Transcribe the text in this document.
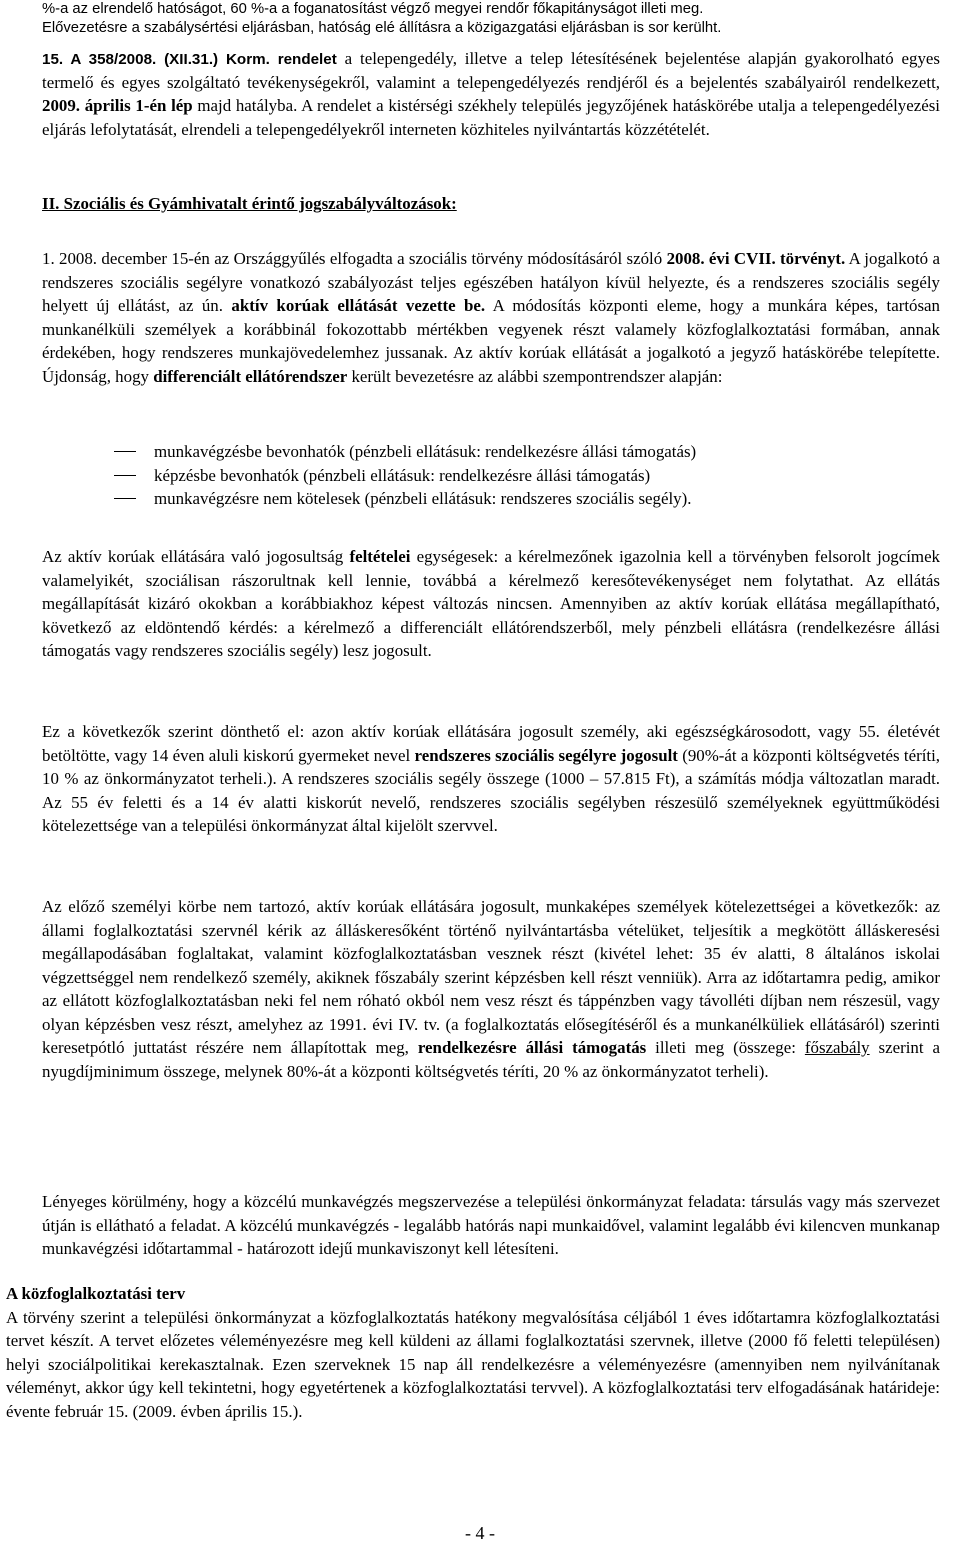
%-a az elrendelő hatóságot, 60 %-a a foganatosítást végző megyei rendőr főkapitányságot illeti meg.

Elővezetésre a szabálysértési eljárásban, hatóság elé állításra a közigazgatási eljárásban is sor kerülht.

15. A 358/2008. (XII.31.) Korm. rendelet a telepengedély, illetve a telep létesítésének bejelentése alapján gyakorolható egyes termelő és egyes szolgáltató tevékenységekről, valamint a telepengedélyezés rendjéről és a bejelentés szabályairól rendelkezett, 2009. április 1-én lép majd hatályba. A rendelet a kistérségi székhely település jegyzőjének hatáskörébe utalja a telepengedélyezési eljárás lefolytatását, elrendeli a telepengedélyekről interneten közhiteles nyilvántartás közzétételét.

II. Szociális és Gyámhivatalt érintő jogszabályváltozások:

1. 2008. december 15-én az Országgyűlés elfogadta a szociális törvény módosításáról szóló 2008. évi CVII. törvényt. A jogalkotó a rendszeres szociális segélyre vonatkozó szabályozást teljes egészében hatályon kívül helyezte, és a rendszeres szociális segély helyett új ellátást, az ún. aktív korúak ellátását vezette be. A módosítás központi eleme, hogy a munkára képes, tartósan munkanélküli személyek a korábbinál fokozottabb mértékben vegyenek részt valamely közfoglalkoztatási formában, annak érdekében, hogy rendszeres munkajövedelemhez jussanak. Az aktív korúak ellátását a jogalkotó a jegyző hatáskörébe telepítette. Újdonság, hogy differenciált ellátórendszer került bevezetésre az alábbi szempontrendszer alapján:

munkavégzésbe bevonhatók (pénzbeli ellátásuk: rendelkezésre állási támogatás)
képzésbe bevonhatók (pénzbeli ellátásuk: rendelkezésre állási támogatás)
munkavégzésre nem kötelesek (pénzbeli ellátásuk: rendszeres szociális segély).

Az aktív korúak ellátására való jogosultság feltételei egységesek: a kérelmezőnek igazolnia kell a törvényben felsorolt jogcímek valamelyikét, szociálisan rászorultnak kell lennie, továbbá a kérelmező keresőtevékenységet nem folytathat. Az ellátás megállapítását kizáró okokban a korábbiakhoz képest változás nincsen. Amennyiben az aktív korúak ellátása megállapítható, következő az eldöntendő kérdés: a kérelmező a differenciált ellátórendszerből, mely pénzbeli ellátásra (rendelkezésre állási támogatás vagy rendszeres szociális segély) lesz jogosult.

Ez a következők szerint dönthető el: azon aktív korúak ellátására jogosult személy, aki egészségkárosodott, vagy 55. életévét betöltötte, vagy 14 éven aluli kiskorú gyermeket nevel rendszeres szociális segélyre jogosult (90%-át a központi költségvetés téríti, 10 % az önkormányzatot terheli.). A rendszeres szociális segély összege (1000 – 57.815 Ft), a számítás módja változatlan maradt. Az 55 év feletti és a 14 év alatti kiskorút nevelő, rendszeres szociális segélyben részesülő személyeknek együttműködési kötelezettsége van a települési önkormányzat által kijelölt szervvel.

Az előző személyi körbe nem tartozó, aktív korúak ellátására jogosult, munkaképes személyek kötelezettségei a következők: az állami foglalkoztatási szervnél kérik az álláskeresőként történő nyilvántartásba vételüket, teljesítik a megkötött álláskeresési megállapodásában foglaltakat, valamint közfoglalkoztatásban vesznek részt (kivétel lehet: 35 év alatti, 8 általános iskolai végzettséggel nem rendelkező személy, akiknek főszabály szerint képzésben kell részt venniük). Arra az időtartamra pedig, amikor az ellátott közfoglalkoztatásban neki fel nem róható okból nem vesz részt és táppénzben vagy távolléti díjban nem részesül, vagy olyan képzésben vesz részt, amelyhez az 1991. évi IV. tv. (a foglalkoztatás elősegítéséről és a munkanélküliek ellátásáról) szerinti keresetpótló juttatást részére nem állapítottak meg, rendelkezésre állási támogatás illeti meg (összege: főszabály szerint a nyugdíjminimum összege, melynek 80%-át a központi költségvetés téríti, 20 % az önkormányzatot terheli).

Lényeges körülmény, hogy a közcélú munkavégzés megszervezése a települési önkormányzat feladata: társulás vagy más szervezet útján is ellátható a feladat. A közcélú munkavégzés - legalább hatórás napi munkaidővel, valamint legalább évi kilencven munkanap munkavégzési időtartammal - határozott idejű munkaviszonyt kell létesíteni.

A közfoglalkoztatási terv

A törvény szerint a települési önkormányzat a közfoglalkoztatás hatékony megvalósítása céljából 1 éves időtartamra közfoglalkoztatási tervet készít. A tervet előzetes véleményezésre meg kell küldeni az állami foglalkoztatási szervnek, illetve (2000 fő feletti településen) helyi szociálpolitikai kerekasztalnak. Ezen szerveknek 15 nap áll rendelkezésre a véleményezésre (amennyiben nem nyilvánítanak véleményt, akkor úgy kell tekintetni, hogy egyetértenek a közfoglalkoztatási tervvel). A közfoglalkoztatási terv elfogadásának határideje: évente február 15. (2009. évben április 15.).

- 4 -
